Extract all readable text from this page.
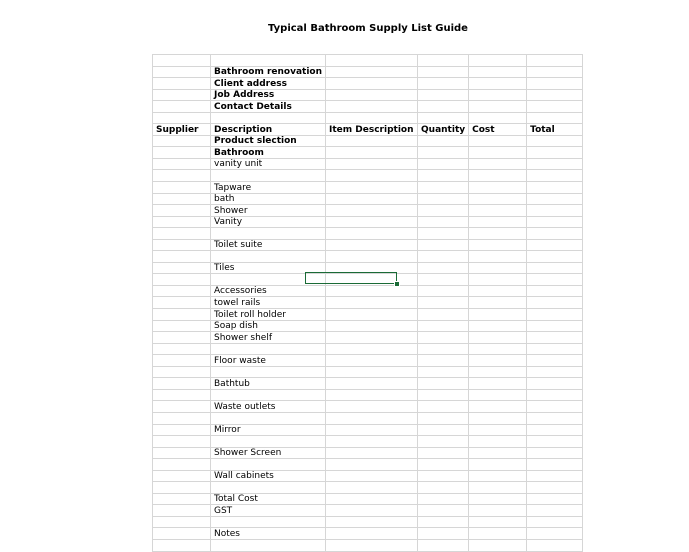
Typical Bathroom Supply List Guide

	Bathroom renovation				
	Client address				
	Job Address				
	Contact Details				

Supplier	Description	Item Description	Quantity	Cost	Total
	Product slection				
	Bathroom				
	vanity unit				

	Tapware				
	bath				
	Shower				
	Vanity				

	Toilet suite				

	Tiles				

	Accessories				
	towel rails				
	Toilet roll holder				
	Soap dish				
	Shower shelf				

	Floor waste				

	Bathtub				

	Waste outlets				

	Mirror				

	Shower Screen				

	Wall cabinets				

	Total Cost				
	GST				

	Notes				
